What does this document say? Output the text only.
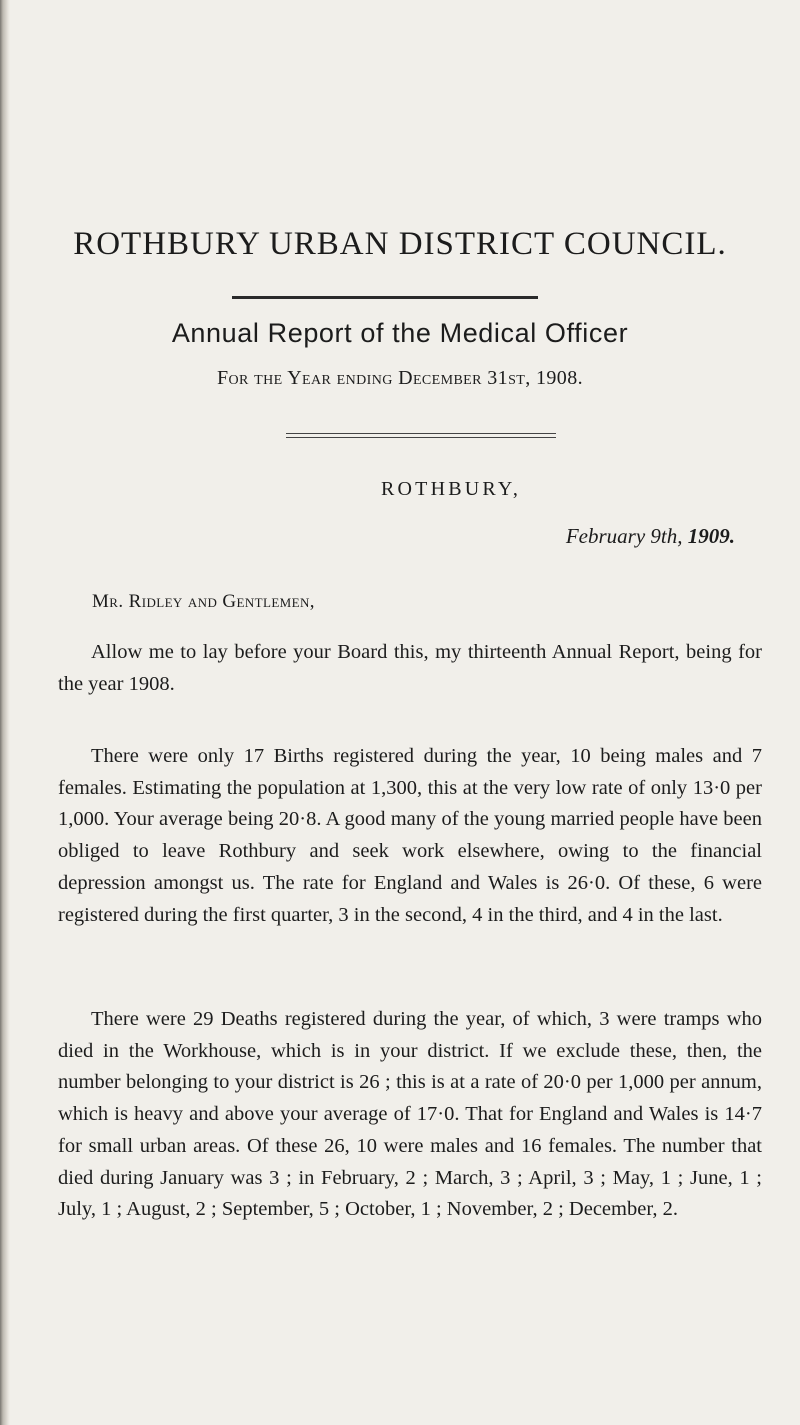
ROTHBURY URBAN DISTRICT COUNCIL.
Annual Report of the Medical Officer
For the Year ending December 31st, 1908.
ROTHBURY,
February 9th, 1909.
Mr. Ridley and Gentlemen,

Allow me to lay before your Board this, my thirteenth Annual Report, being for the year 1908.

There were only 17 Births registered during the year, 10 being males and 7 females. Estimating the population at 1,300, this at the very low rate of only 13·0 per 1,000. Your average being 20·8. A good many of the young married people have been obliged to leave Rothbury and seek work elsewhere, owing to the financial depression amongst us. The rate for England and Wales is 26·0. Of these, 6 were registered during the first quarter, 3 in the second, 4 in the third, and 4 in the last.

There were 29 Deaths registered during the year, of which, 3 were tramps who died in the Workhouse, which is in your district. If we exclude these, then, the number belonging to your district is 26 ; this is at a rate of 20·0 per 1,000 per annum, which is heavy and above your average of 17·0. That for England and Wales is 14·7 for small urban areas. Of these 26, 10 were males and 16 females. The number that died during January was 3 ; in February, 2 ; March, 3 ; April, 3 ; May, 1 ; June, 1 ; July, 1 ; August, 2 ; September, 5 ; October, 1 ; November, 2 ; December, 2.
